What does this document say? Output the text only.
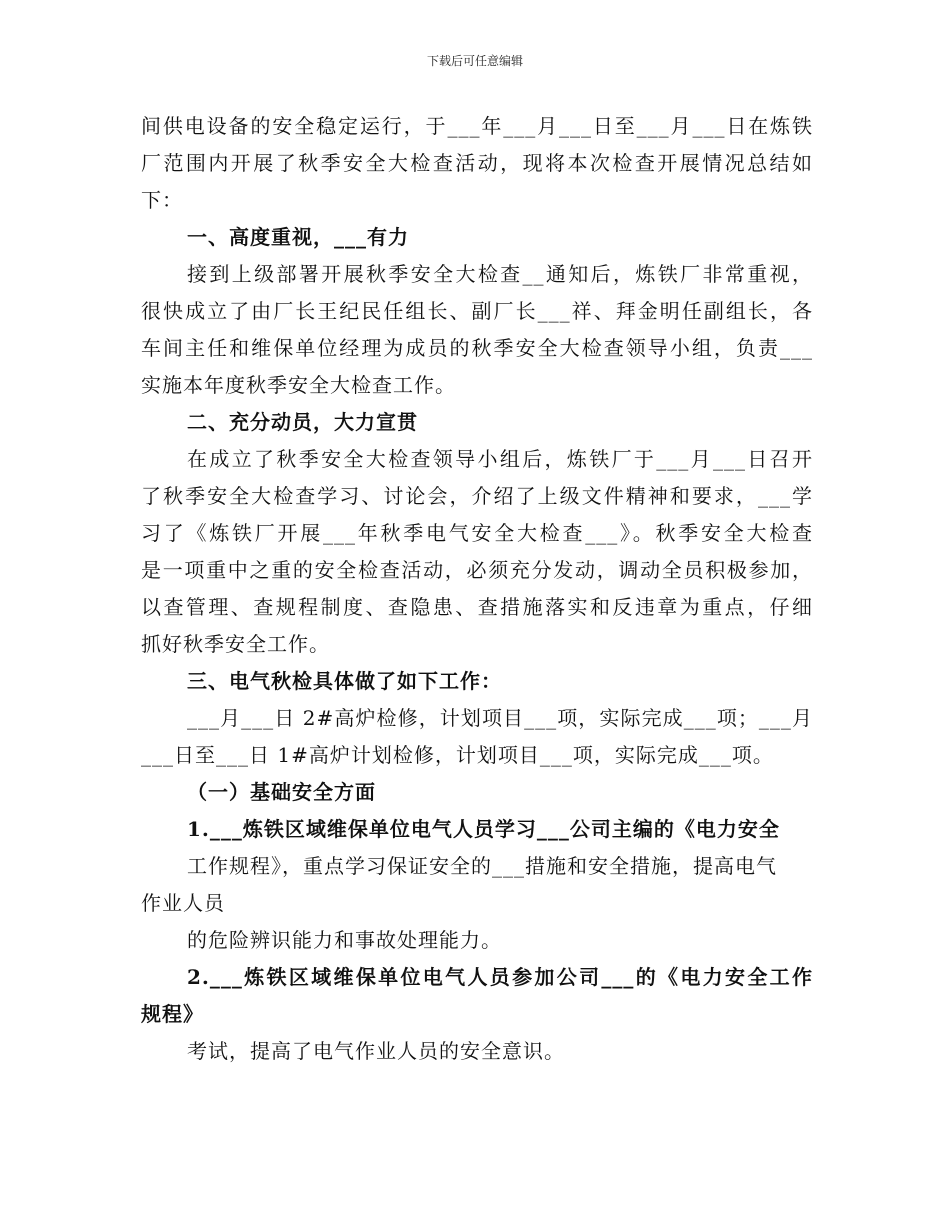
下载后可任意编辑
间供电设备的安全稳定运行，于___年___月___日至___月___日在炼铁
厂范围内开展了秋季安全大检查活动，现将本次检查开展情况总结如
下：
一、高度重视，___有力
接到上级部署开展秋季安全大检查__通知后，炼铁厂非常重视，
很快成立了由厂长王纪民任组长、副厂长___祥、拜金明任副组长，各
车间主任和维保单位经理为成员的秋季安全大检查领导小组，负责___
实施本年度秋季安全大检查工作。
二、充分动员，大力宣贯
在成立了秋季安全大检查领导小组后，炼铁厂于___月___日召开
了秋季安全大检查学习、讨论会，介绍了上级文件精神和要求，___学
习了《炼铁厂开展___年秋季电气安全大检查___》。秋季安全大检查
是一项重中之重的安全检查活动，必须充分发动，调动全员积极参加，
以查管理、查规程制度、查隐患、查措施落实和反违章为重点，仔细
抓好秋季安全工作。
三、电气秋检具体做了如下工作：
___月___日 2#高炉检修，计划项目___项，实际完成___项；___月
___日至___日 1#高炉计划检修，计划项目___项，实际完成___项。
（一）基础安全方面
1.___炼铁区域维保单位电气人员学习___公司主编的《电力安全
工作规程》，重点学习保证安全的___措施和安全措施，提高电气
作业人员
的危险辨识能力和事故处理能力。
2.___炼铁区域维保单位电气人员参加公司___的《电力安全工作
规程》
考试，提高了电气作业人员的安全意识。
